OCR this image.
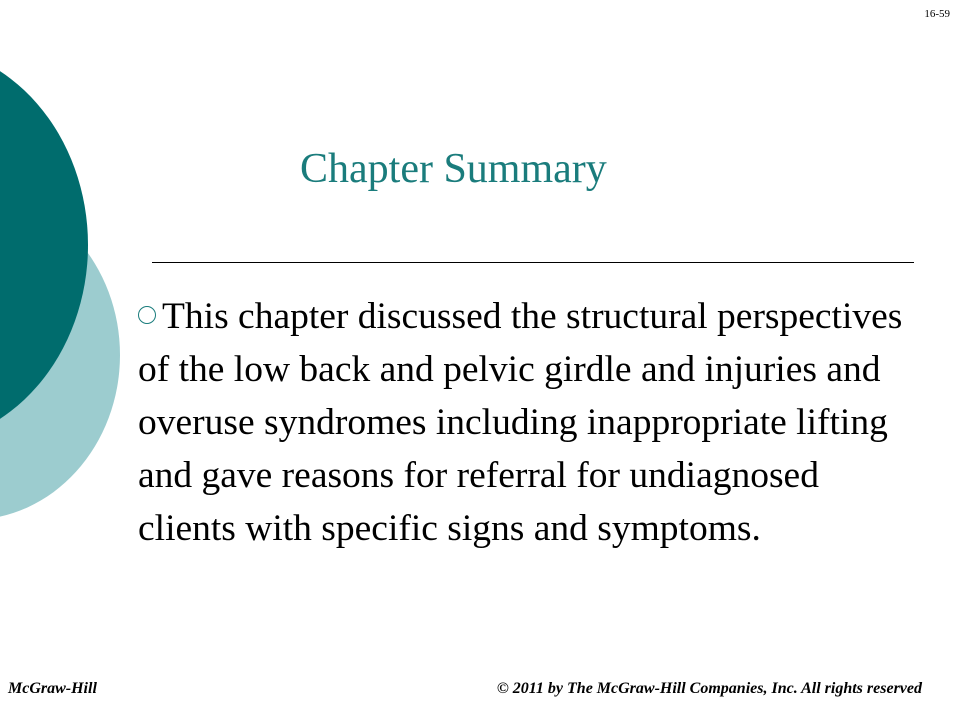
16-59
Chapter Summary

This chapter discussed the structural perspectives of the low back and pelvic girdle and injuries and overuse syndromes including inappropriate lifting and gave reasons for referral for undiagnosed clients with specific signs and symptoms.

McGraw-Hill	© 2011 by The McGraw-Hill Companies, Inc. All rights reserved
